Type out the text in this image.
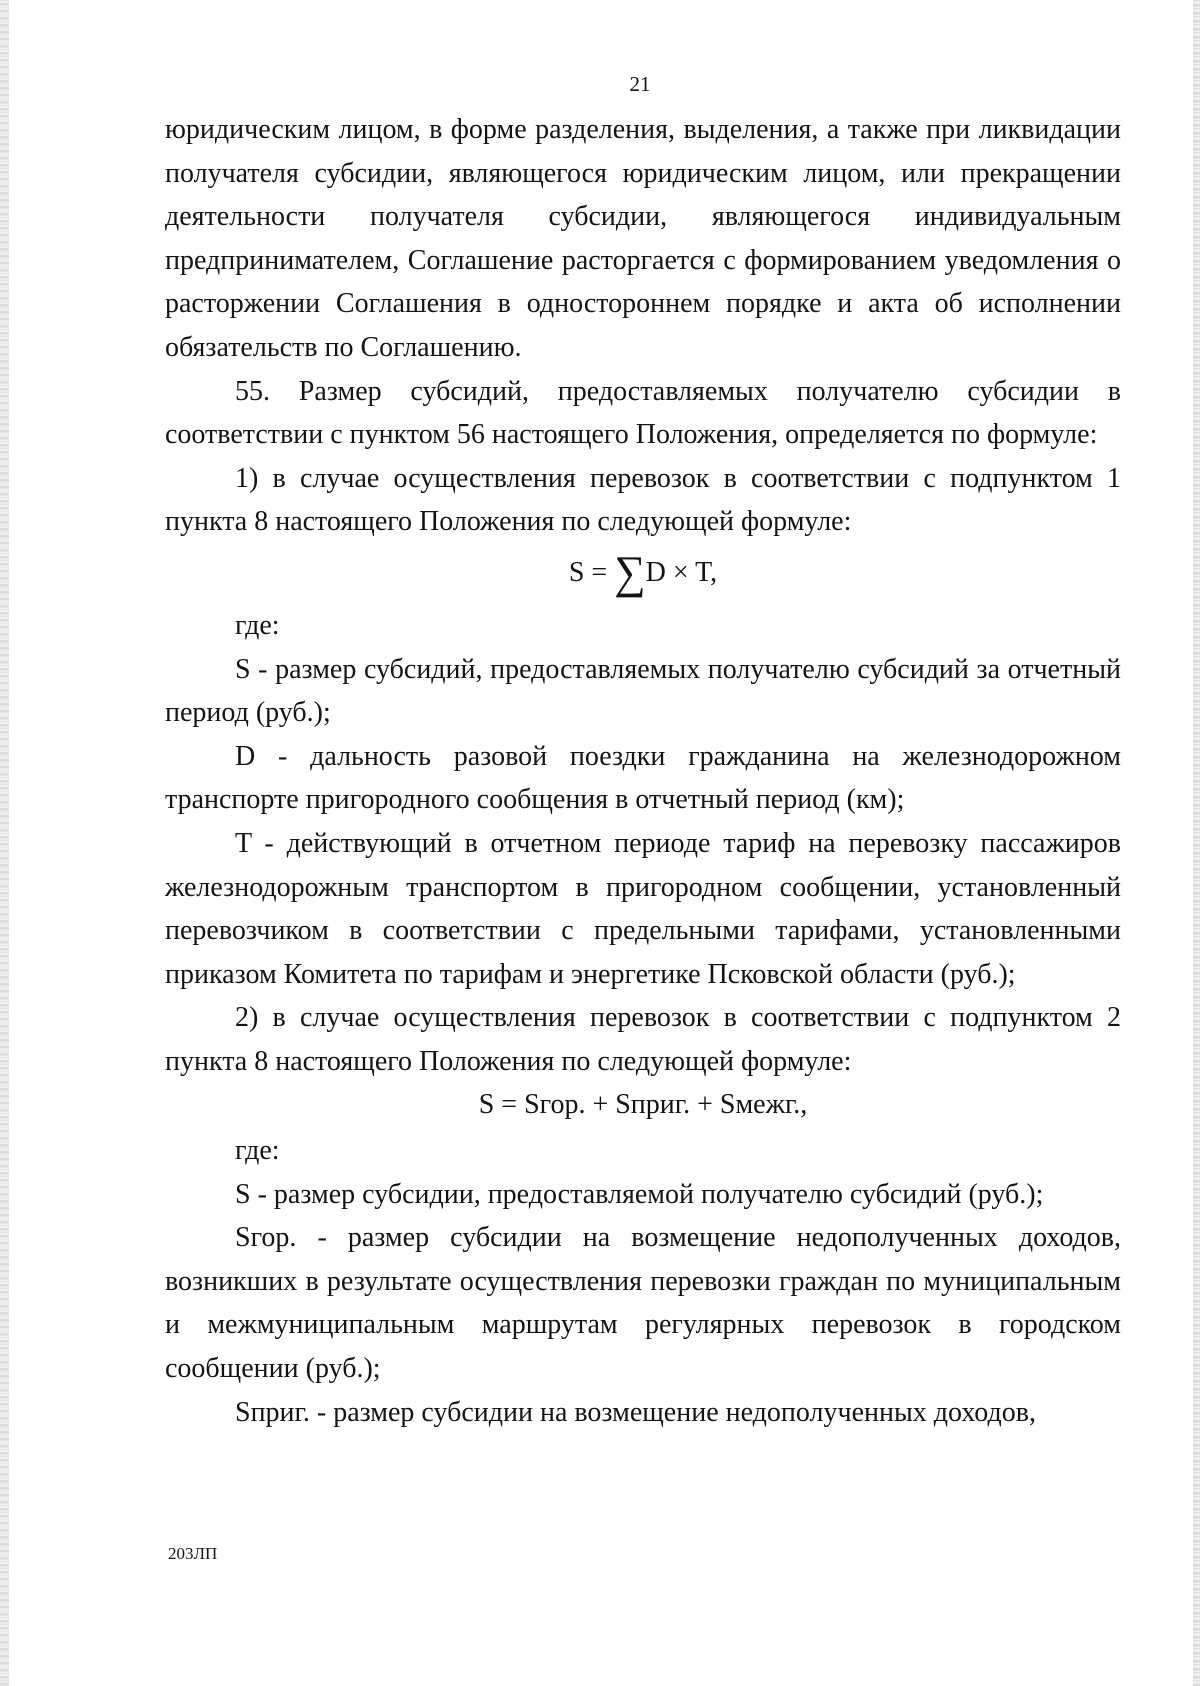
21

юридическим лицом, в форме разделения, выделения, а также при ликвидации получателя субсидии, являющегося юридическим лицом, или прекращении деятельности получателя субсидии, являющегося индивидуальным предпринимателем, Соглашение расторгается с формированием уведомления о расторжении Соглашения в одностороннем порядке и акта об исполнении обязательств по Соглашению.

55. Размер субсидий, предоставляемых получателю субсидии в соответствии с пунктом 56 настоящего Положения, определяется по формуле:

1) в случае осуществления перевозок в соответствии с подпунктом 1 пункта 8 настоящего Положения по следующей формуле:

S = ∑D × T,

где:

S - размер субсидий, предоставляемых получателю субсидий за отчетный период (руб.);

D - дальность разовой поездки гражданина на железнодорожном транспорте пригородного сообщения в отчетный период (км);

T - действующий в отчетном периоде тариф на перевозку пассажиров железнодорожным транспортом в пригородном сообщении, установленный перевозчиком в соответствии с предельными тарифами, установленными приказом Комитета по тарифам и энергетике Псковской области (руб.);

2) в случае осуществления перевозок в соответствии с подпунктом 2 пункта 8 настоящего Положения по следующей формуле:

S = Sгор. + Sприг. + Sмежг.,

где:

S - размер субсидии, предоставляемой получателю субсидий (руб.);

Sгор. - размер субсидии на возмещение недополученных доходов, возникших в результате осуществления перевозки граждан по муниципальным и межмуниципальным маршрутам регулярных перевозок в городском сообщении (руб.);

Sприг. - размер субсидии на возмещение недополученных доходов,

203ЛП
